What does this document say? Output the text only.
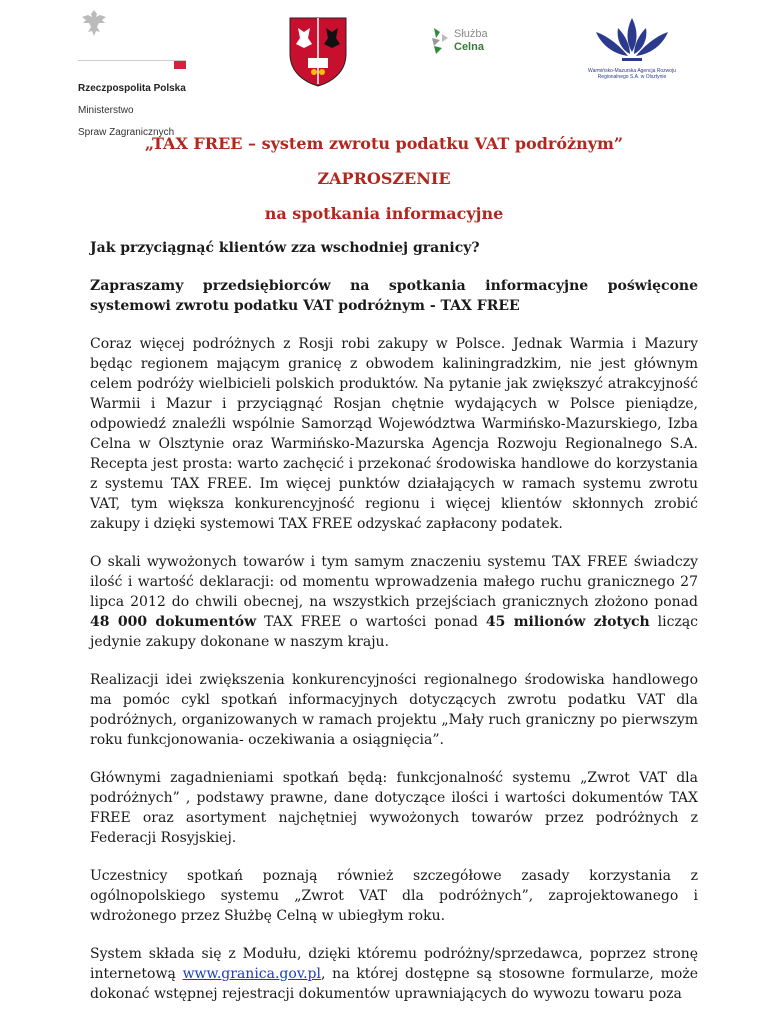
Rzeczpospolita Polska

Ministerstwo

Spraw Zagranicznych

Służba
Celna
Warmińsko-Mazurska Agencja Rozwoju Regionalnego S.A. w Olsztynie
„TAX FREE – system zwrotu podatku VAT podróżnym”
ZAPROSZENIE
na spotkania informacyjne

Jak przyciągnąć klientów zza wschodniej granicy?

Zapraszamy przedsiębiorców na spotkania informacyjne poświęcone systemowi zwrotu podatku VAT podróżnym - TAX FREE

Coraz więcej podróżnych z Rosji robi zakupy w Polsce. Jednak Warmia i Mazury będąc regionem mającym granicę z obwodem kaliningradzkim, nie jest głównym celem podróży wielbicieli polskich produktów. Na pytanie jak zwiększyć atrakcyjność Warmii i Mazur i przyciągnąć Rosjan chętnie wydających w Polsce pieniądze, odpowiedź znaleźli wspólnie Samorząd Województwa Warmińsko-Mazurskiego, Izba Celna w Olsztynie oraz Warmińsko-Mazurska Agencja Rozwoju Regionalnego S.A. Recepta jest prosta: warto zachęcić i przekonać środowiska handlowe do korzystania z systemu TAX FREE. Im więcej punktów działających w ramach systemu zwrotu VAT, tym większa konkurencyjność regionu i więcej klientów skłonnych zrobić zakupy i dzięki systemowi TAX FREE odzyskać zapłacony podatek.

O skali wywożonych towarów i tym samym znaczeniu systemu TAX FREE świadczy ilość i wartość deklaracji: od momentu wprowadzenia małego ruchu granicznego 27 lipca 2012 do chwili obecnej, na wszystkich przejściach granicznych złożono ponad 48 000 dokumentów TAX FREE o wartości ponad 45 milionów złotych licząc jedynie zakupy dokonane w naszym kraju.

Realizacji idei zwiększenia konkurencyjności regionalnego środowiska handlowego ma pomóc cykl spotkań informacyjnych dotyczących zwrotu podatku VAT dla podróżnych, organizowanych w ramach projektu „Mały ruch graniczny po pierwszym roku funkcjonowania- oczekiwania a osiągnięcia”.

Głównymi zagadnieniami spotkań będą: funkcjonalność systemu „Zwrot VAT dla podróżnych” , podstawy prawne, dane dotyczące ilości i wartości dokumentów TAX FREE oraz asortyment najchętniej wywożonych towarów przez podróżnych z Federacji Rosyjskiej.

Uczestnicy spotkań poznają również szczegółowe zasady korzystania z ogólnopolskiego systemu „Zwrot VAT dla podróżnych”, zaprojektowanego i wdrożonego przez Służbę Celną w ubiegłym roku.

System składa się z Modułu, dzięki któremu podróżny/sprzedawca, poprzez stronę internetową www.granica.gov.pl, na której dostępne są stosowne formularze, może dokonać wstępnej rejestracji dokumentów uprawniających do wywozu towaru poza
